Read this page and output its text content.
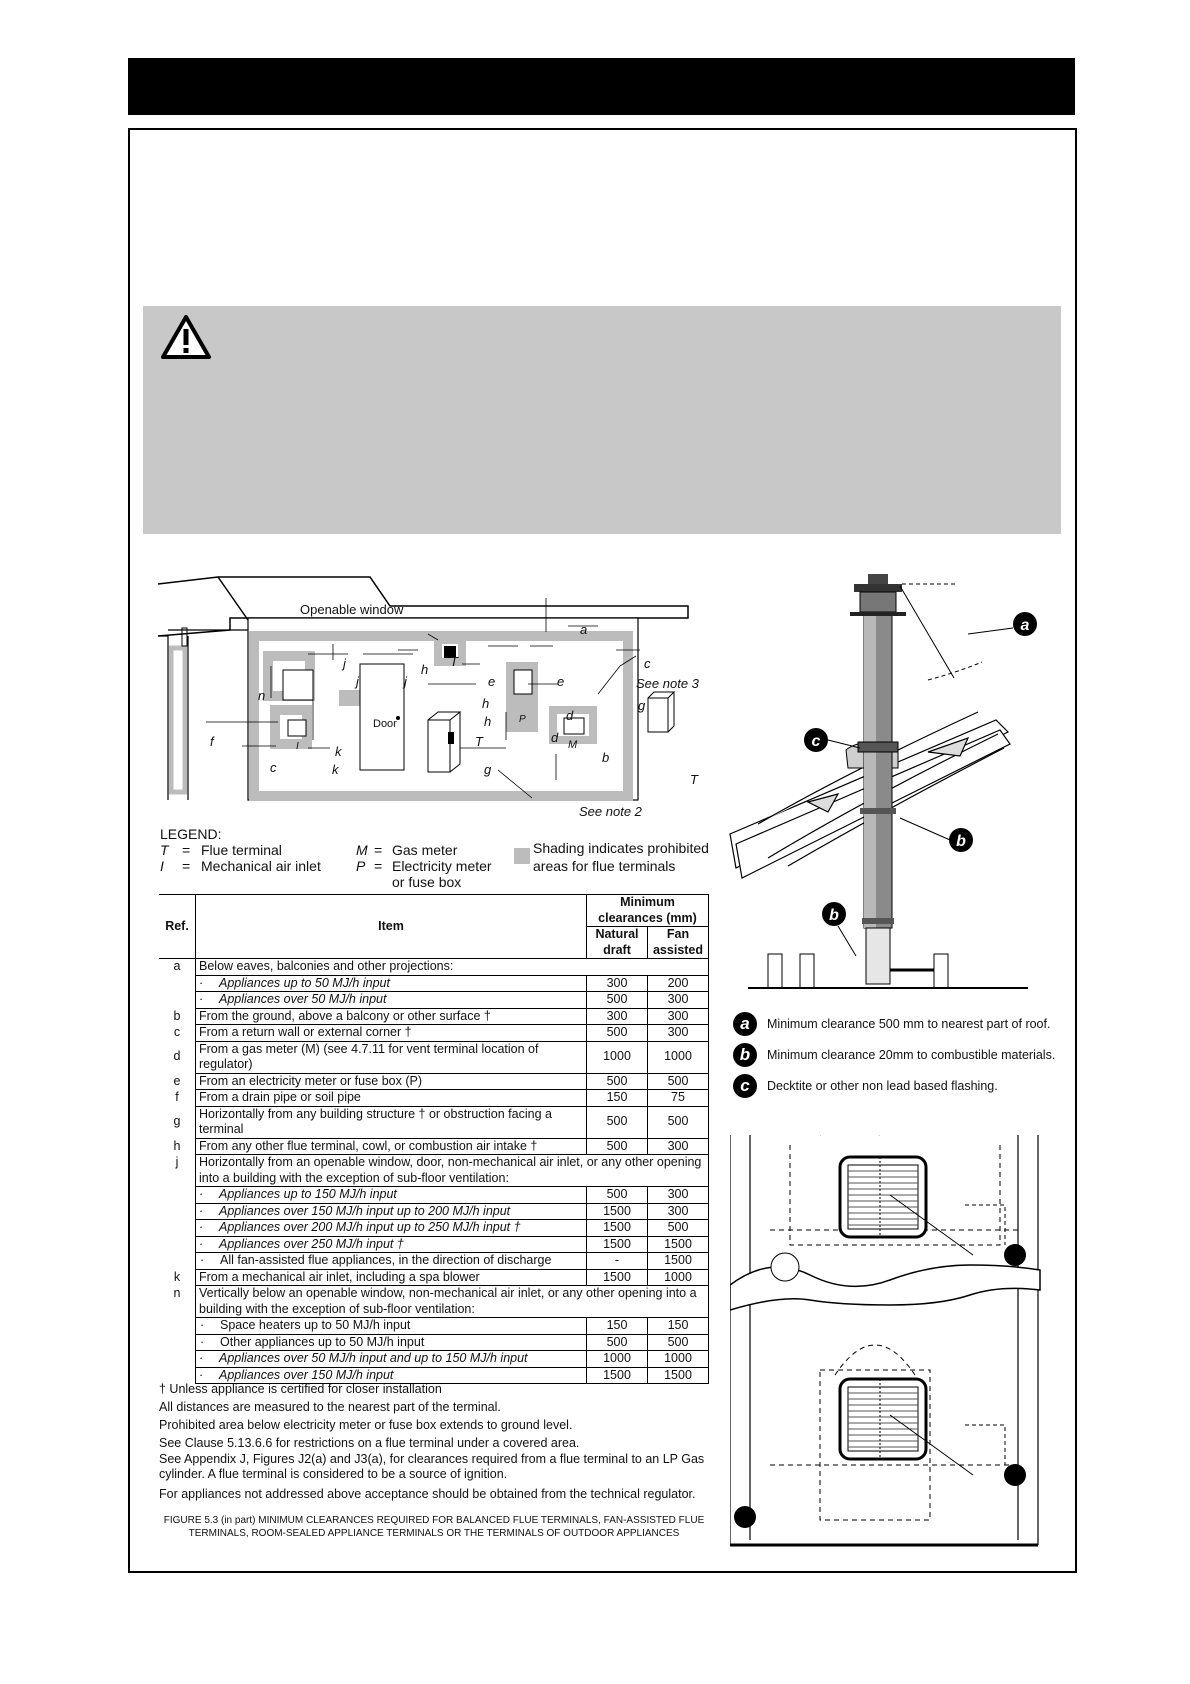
Openable window
Door
See note 3
See note 2
a
c
j
j	j
h
T
e	e
h
h
n
k
k
c
f	I
P	d
d M
b
g
g
T
T
LEGEND:
T = Flue terminal
I = Mechanical air inlet
M = Gas meter
P = Electricity meter
or fuse box
Shading indicates prohibited
areas for flue terminals
Ref.	Item	Minimum clearances (mm)	
		Natural draft	Fan assisted
a	Below eaves, balconies and other projections:		
	· Appliances up to 50 MJ/h input	300	200
	· Appliances over 50 MJ/h input	500	300
b	From the ground, above a balcony or other surface †	300	300
c	From a return wall or external corner †	500	300
d	From a gas meter (M) (see 4.7.11 for vent terminal location of regulator)	1000	1000
e	From an electricity meter or fuse box (P)	500	500
f	From a drain pipe or soil pipe	150	75
g	Horizontally from any building structure † or obstruction facing a terminal	500	500
h	From any other flue terminal, cowl, or combustion air intake †	500	300
j	Horizontally from an openable window, door, non-mechanical air inlet, or any other opening into a building with the exception of sub-floor ventilation:		
	· Appliances up to 150 MJ/h input	500	300
	· Appliances over 150 MJ/h input up to 200 MJ/h input	1500	300
	· Appliances over 200 MJ/h input up to 250 MJ/h input †	1500	500
	· Appliances over 250 MJ/h input †	1500	1500
	· All fan-assisted flue appliances, in the direction of discharge	-	1500
k	From a mechanical air inlet, including a spa blower	1500	1000
n	Vertically below an openable window, non-mechanical air inlet, or any other opening into a building with the exception of sub-floor ventilation:		
	· Space heaters up to 50 MJ/h input	150	150
	· Other appliances up to 50 MJ/h input	500	500
	· Appliances over 50 MJ/h input and up to 150 MJ/h input	1000	1000
	· Appliances over 150 MJ/h input	1500	1500

† Unless appliance is certified for closer installation

All distances are measured to the nearest part of the terminal.

Prohibited area below electricity meter or fuse box extends to ground level.

See Clause 5.13.6.6 for restrictions on a flue terminal under a covered area.

See Appendix J, Figures J2(a) and J3(a), for clearances required from a flue terminal to an LP Gas cylinder. A flue terminal is considered to be a source of ignition.

For appliances not addressed above acceptance should be obtained from the technical regulator.

FIGURE 5.3 (in part) MINIMUM CLEARANCES REQUIRED FOR BALANCED FLUE TERMINALS, FAN-ASSISTED FLUE TERMINALS, ROOM-SEALED APPLIANCE TERMINALS OR THE TERMINALS OF OUTDOOR APPLIANCES
a
c
b
b
a	Minimum clearance 500 mm to nearest part of roof.
b	Minimum clearance 20mm to combustible materials.
c	Decktite or other non lead based flashing.
